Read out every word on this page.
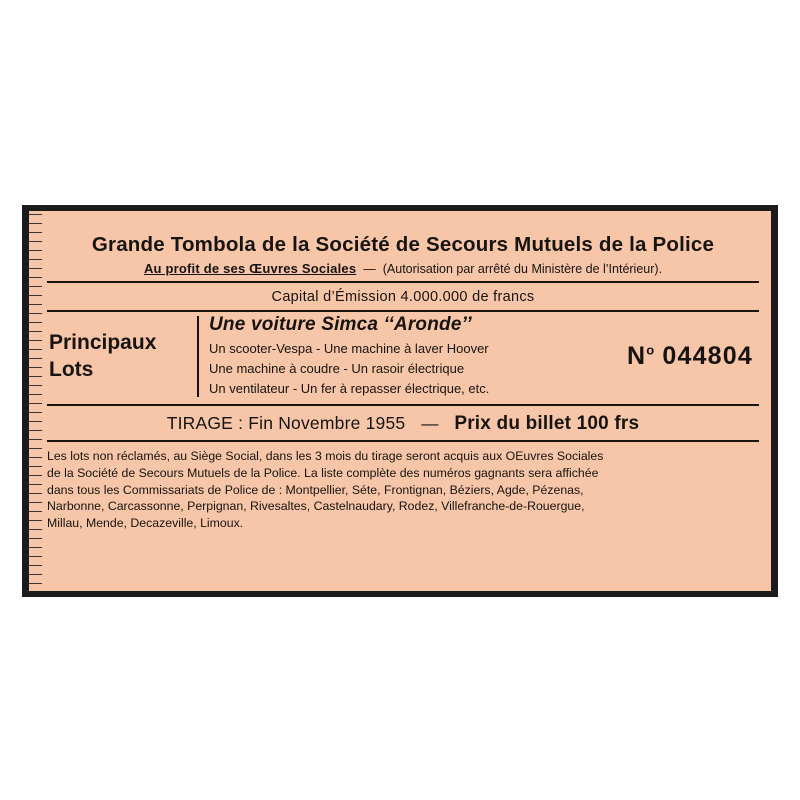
Grande Tombola de la Société de Secours Mutuels de la Police
Au profit de ses Œuvres Sociales — (Autorisation par arrêté du Ministère de l’Intérieur).
Capital d’Émission 4.000.000 de francs
Principaux
Lots
Une voiture Simca ‘‘Aronde’’
Un scooter-Vespa - Une machine à laver Hoover
Une machine à coudre - Un rasoir électrique
Un ventilateur - Un fer à repasser électrique, etc.
$N^o$ 044804
TIRAGE : Fin Novembre 1955 — Prix du billet 100 frs

Les lots non réclamés, au Siège Social, dans les 3 mois du tirage seront acquis aux OEuvres Sociales

de la Société de Secours Mutuels de la Police. La liste complète des numéros gagnants sera affichée

dans tous les Commissariats de Police de : Montpellier, Séte, Frontignan, Béziers, Agde, Pézenas,

Narbonne, Carcassonne, Perpignan, Rivesaltes, Castelnaudary, Rodez, Villefranche-de-Rouergue,

Millau, Mende, Decazeville, Limoux.
